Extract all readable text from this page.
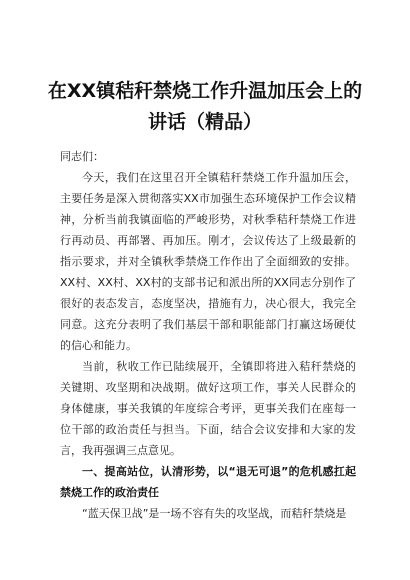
在XX镇秸秆禁烧工作升温加压会上的讲话（精品）

同志们：

今天，我们在这里召开全镇秸秆禁烧工作升温加压会，主要任务是深入贯彻落实XX市加强生态环境保护工作会议精神，分析当前我镇面临的严峻形势，对秋季秸秆禁烧工作进行再动员、再部署、再加压。刚才，会议传达了上级最新的指示要求，并对全镇秋季禁烧工作作出了全面细致的安排。XX村、XX村、XX村的支部书记和派出所的XX同志分别作了很好的表态发言，态度坚决，措施有力，决心很大，我完全同意。这充分表明了我们基层干部和职能部门打赢这场硬仗的信心和能力。

当前，秋收工作已陆续展开，全镇即将进入秸秆禁烧的关键期、攻坚期和决战期。做好这项工作，事关人民群众的身体健康，事关我镇的年度综合考评，更事关我们在座每一位干部的政治责任与担当。下面，结合会议安排和大家的发言，我再强调三点意见。

一、提高站位，认清形势，以“退无可退”的危机感扛起禁烧工作的政治责任

“蓝天保卫战”是一场不容有失的攻坚战，而秸秆禁烧是
